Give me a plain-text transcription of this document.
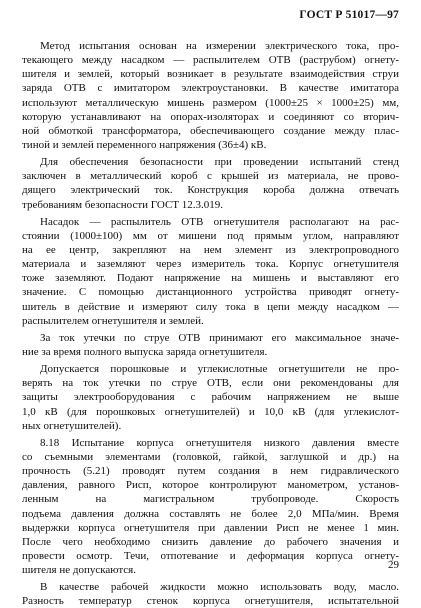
ГОСТ Р 51017—97
Метод испытания основан на измерении электрического тока, про-
текающего между насадком — распылителем ОТВ (раструбом) огнету-
шителя и землей, который возникает в результате взаимодействия струи
заряда ОТВ с имитатором электроустановки. В качестве имитатора
используют металлическую мишень размером (1000±25 × 1000±25) мм,
которую устанавливают на опорах-изоляторах и соединяют со вторич-
ной обмоткой трансформатора, обеспечивающего создание между плас-
тиной и землей переменного напряжения (36±4) кВ.
Для обеспечения безопасности при проведении испытаний стенд
заключен в металлический короб с крышей из материала, не прово-
дящего электрический ток. Конструкция короба должна отвечать
требованиям безопасности ГОСТ 12.3.019.
Насадок — распылитель ОТВ огнетушителя располагают на рас-
стоянии (1000±100) мм от мишени под прямым углом, направляют
на ее центр, закрепляют на нем элемент из электропроводного
материала и заземляют через измеритель тока. Корпус огнетушителя
тоже заземляют. Подают напряжение на мишень и выставляют его
значение. С помощью дистанционного устройства приводят огнету-
шитель в действие и измеряют силу тока в цепи между насадком —
распылителем огнетушителя и землей.
За ток утечки по струе ОТВ принимают его максимальное значе-
ние за время полного выпуска заряда огнетушителя.
Допускается порошковые и углекислотные огнетушители не про-
верять на ток утечки по струе ОТВ, если они рекомендованы для
защиты электрооборудования с рабочим напряжением не выше
1,0 кВ (для порошковых огнетушителей) и 10,0 кВ (для углекислот-
ных огнетушителей).
8.18 Испытание корпуса огнетушителя низкого давления вместе
со съемными элементами (головкой, гайкой, заглушкой и др.) на
прочность (5.21) проводят путем создания в нем гидравлического
давления, равного Pисп, которое контролируют манометром, установ-
ленным на магистральном трубопроводе. Скорость
подъема давления должна составлять не более 2,0 МПа/мин. Время
выдержки корпуса огнетушителя при давлении Pисп не менее 1 мин.
После чего необходимо снизить давление до рабочего значения и
провести осмотр. Течи, отпотевание и деформация корпуса огнету-
шителя не допускаются.
В качестве рабочей жидкости можно использовать воду, масло.
Разность температур стенок корпуса огнетушителя, испытательной
29
